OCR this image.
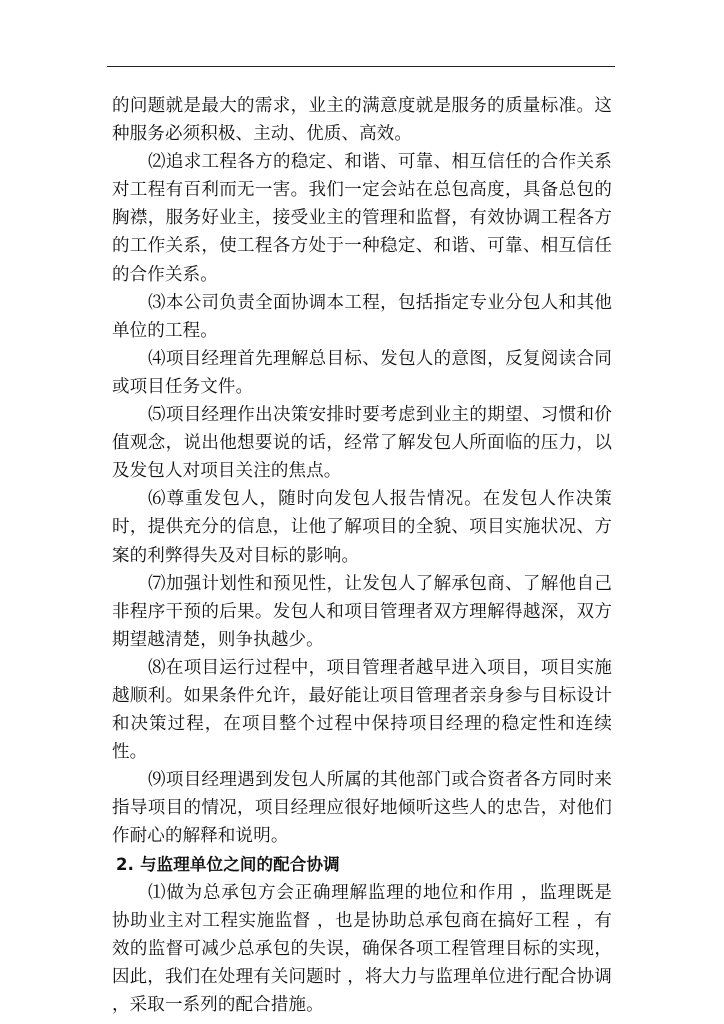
的问题就是最大的需求，业主的满意度就是服务的质量标准。这种服务必须积极、主动、优质、高效。

⑵追求工程各方的稳定、和谐、可靠、相互信任的合作关系对工程有百利而无一害。我们一定会站在总包高度，具备总包的胸襟，服务好业主，接受业主的管理和监督，有效协调工程各方的工作关系，使工程各方处于一种稳定、和谐、可靠、相互信任的合作关系。

⑶本公司负责全面协调本工程，包括指定专业分包人和其他单位的工程。

⑷项目经理首先理解总目标、发包人的意图，反复阅读合同或项目任务文件。

⑸项目经理作出决策安排时要考虑到业主的期望、习惯和价值观念，说出他想要说的话，经常了解发包人所面临的压力，以及发包人对项目关注的焦点。

⑹尊重发包人，随时向发包人报告情况。在发包人作决策时，提供充分的信息，让他了解项目的全貌、项目实施状况、方案的利弊得失及对目标的影响。

⑺加强计划性和预见性，让发包人了解承包商、了解他自己非程序干预的后果。发包人和项目管理者双方理解得越深，双方期望越清楚，则争执越少。

⑻在项目运行过程中，项目管理者越早进入项目，项目实施越顺利。如果条件允许，最好能让项目管理者亲身参与目标设计和决策过程，在项目整个过程中保持项目经理的稳定性和连续性。

⑼项目经理遇到发包人所属的其他部门或合资者各方同时来指导项目的情况，项目经理应很好地倾听这些人的忠告，对他们作耐心的解释和说明。

2. 与监理单位之间的配合协调

⑴做为总承包方会正确理解监理的地位和作用 ，监理既是协助业主对工程实施监督 ，也是协助总承包商在搞好工程 ，有效的监督可减少总承包的失误，确保各项工程管理目标的实现，因此，我们在处理有关问题时 ，将大力与监理单位进行配合协调 ，采取一系列的配合措施。
